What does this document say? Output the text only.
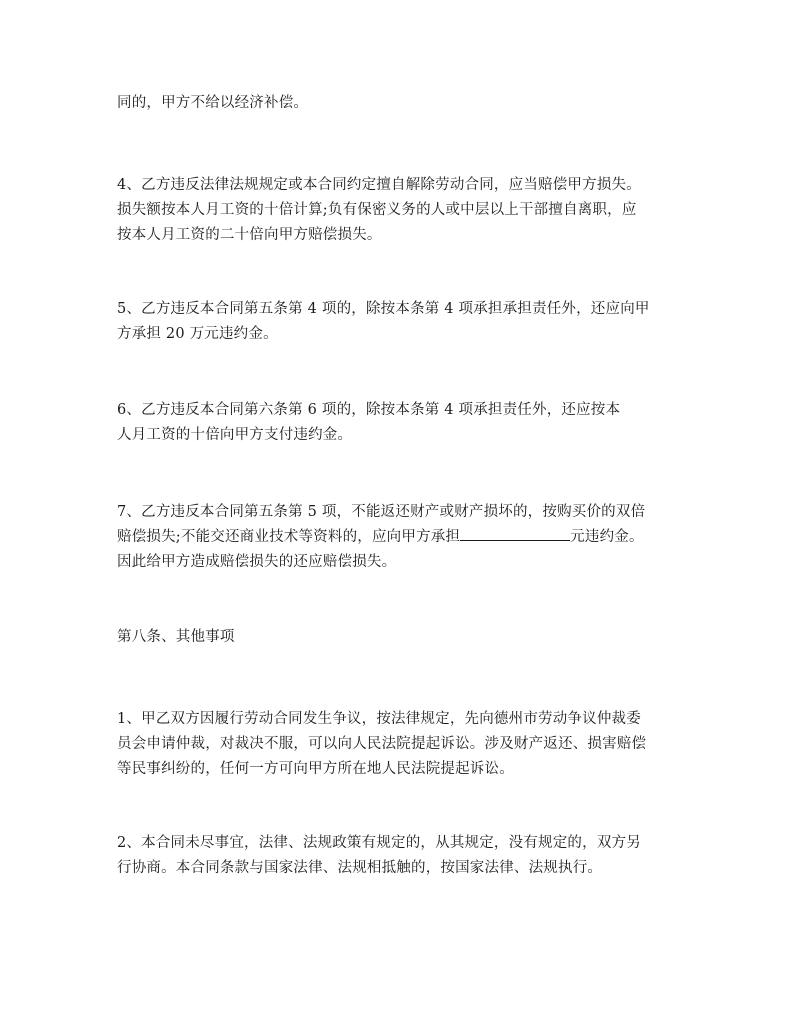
同的，甲方不给以经济补偿。

4、乙方违反法律法规规定或本合同约定擅自解除劳动合同，应当赔偿甲方损失。
损失额按本人月工资的十倍计算;负有保密义务的人或中层以上干部擅自离职，应
按本人月工资的二十倍向甲方赔偿损失。

5、乙方违反本合同第五条第 4 项的，除按本条第 4 项承担承担责任外，还应向甲
方承担 20 万元违约金。

6、乙方违反本合同第六条第 6 项的，除按本条第 4 项承担责任外，还应按本
人月工资的十倍向甲方支付违约金。

7、乙方违反本合同第五条第 5 项，不能返还财产或财产损坏的，按购买价的双倍
赔偿损失;不能交还商业技术等资料的，应向甲方承担	元违约金。
因此给甲方造成赔偿损失的还应赔偿损失。

第八条、其他事项

1、甲乙双方因履行劳动合同发生争议，按法律规定，先向德州市劳动争议仲裁委
员会申请仲裁，对裁决不服，可以向人民法院提起诉讼。涉及财产返还、损害赔偿
等民事纠纷的，任何一方可向甲方所在地人民法院提起诉讼。

2、本合同未尽事宜，法律、法规政策有规定的，从其规定，没有规定的，双方另
行协商。本合同条款与国家法律、法规相抵触的，按国家法律、法规执行。
